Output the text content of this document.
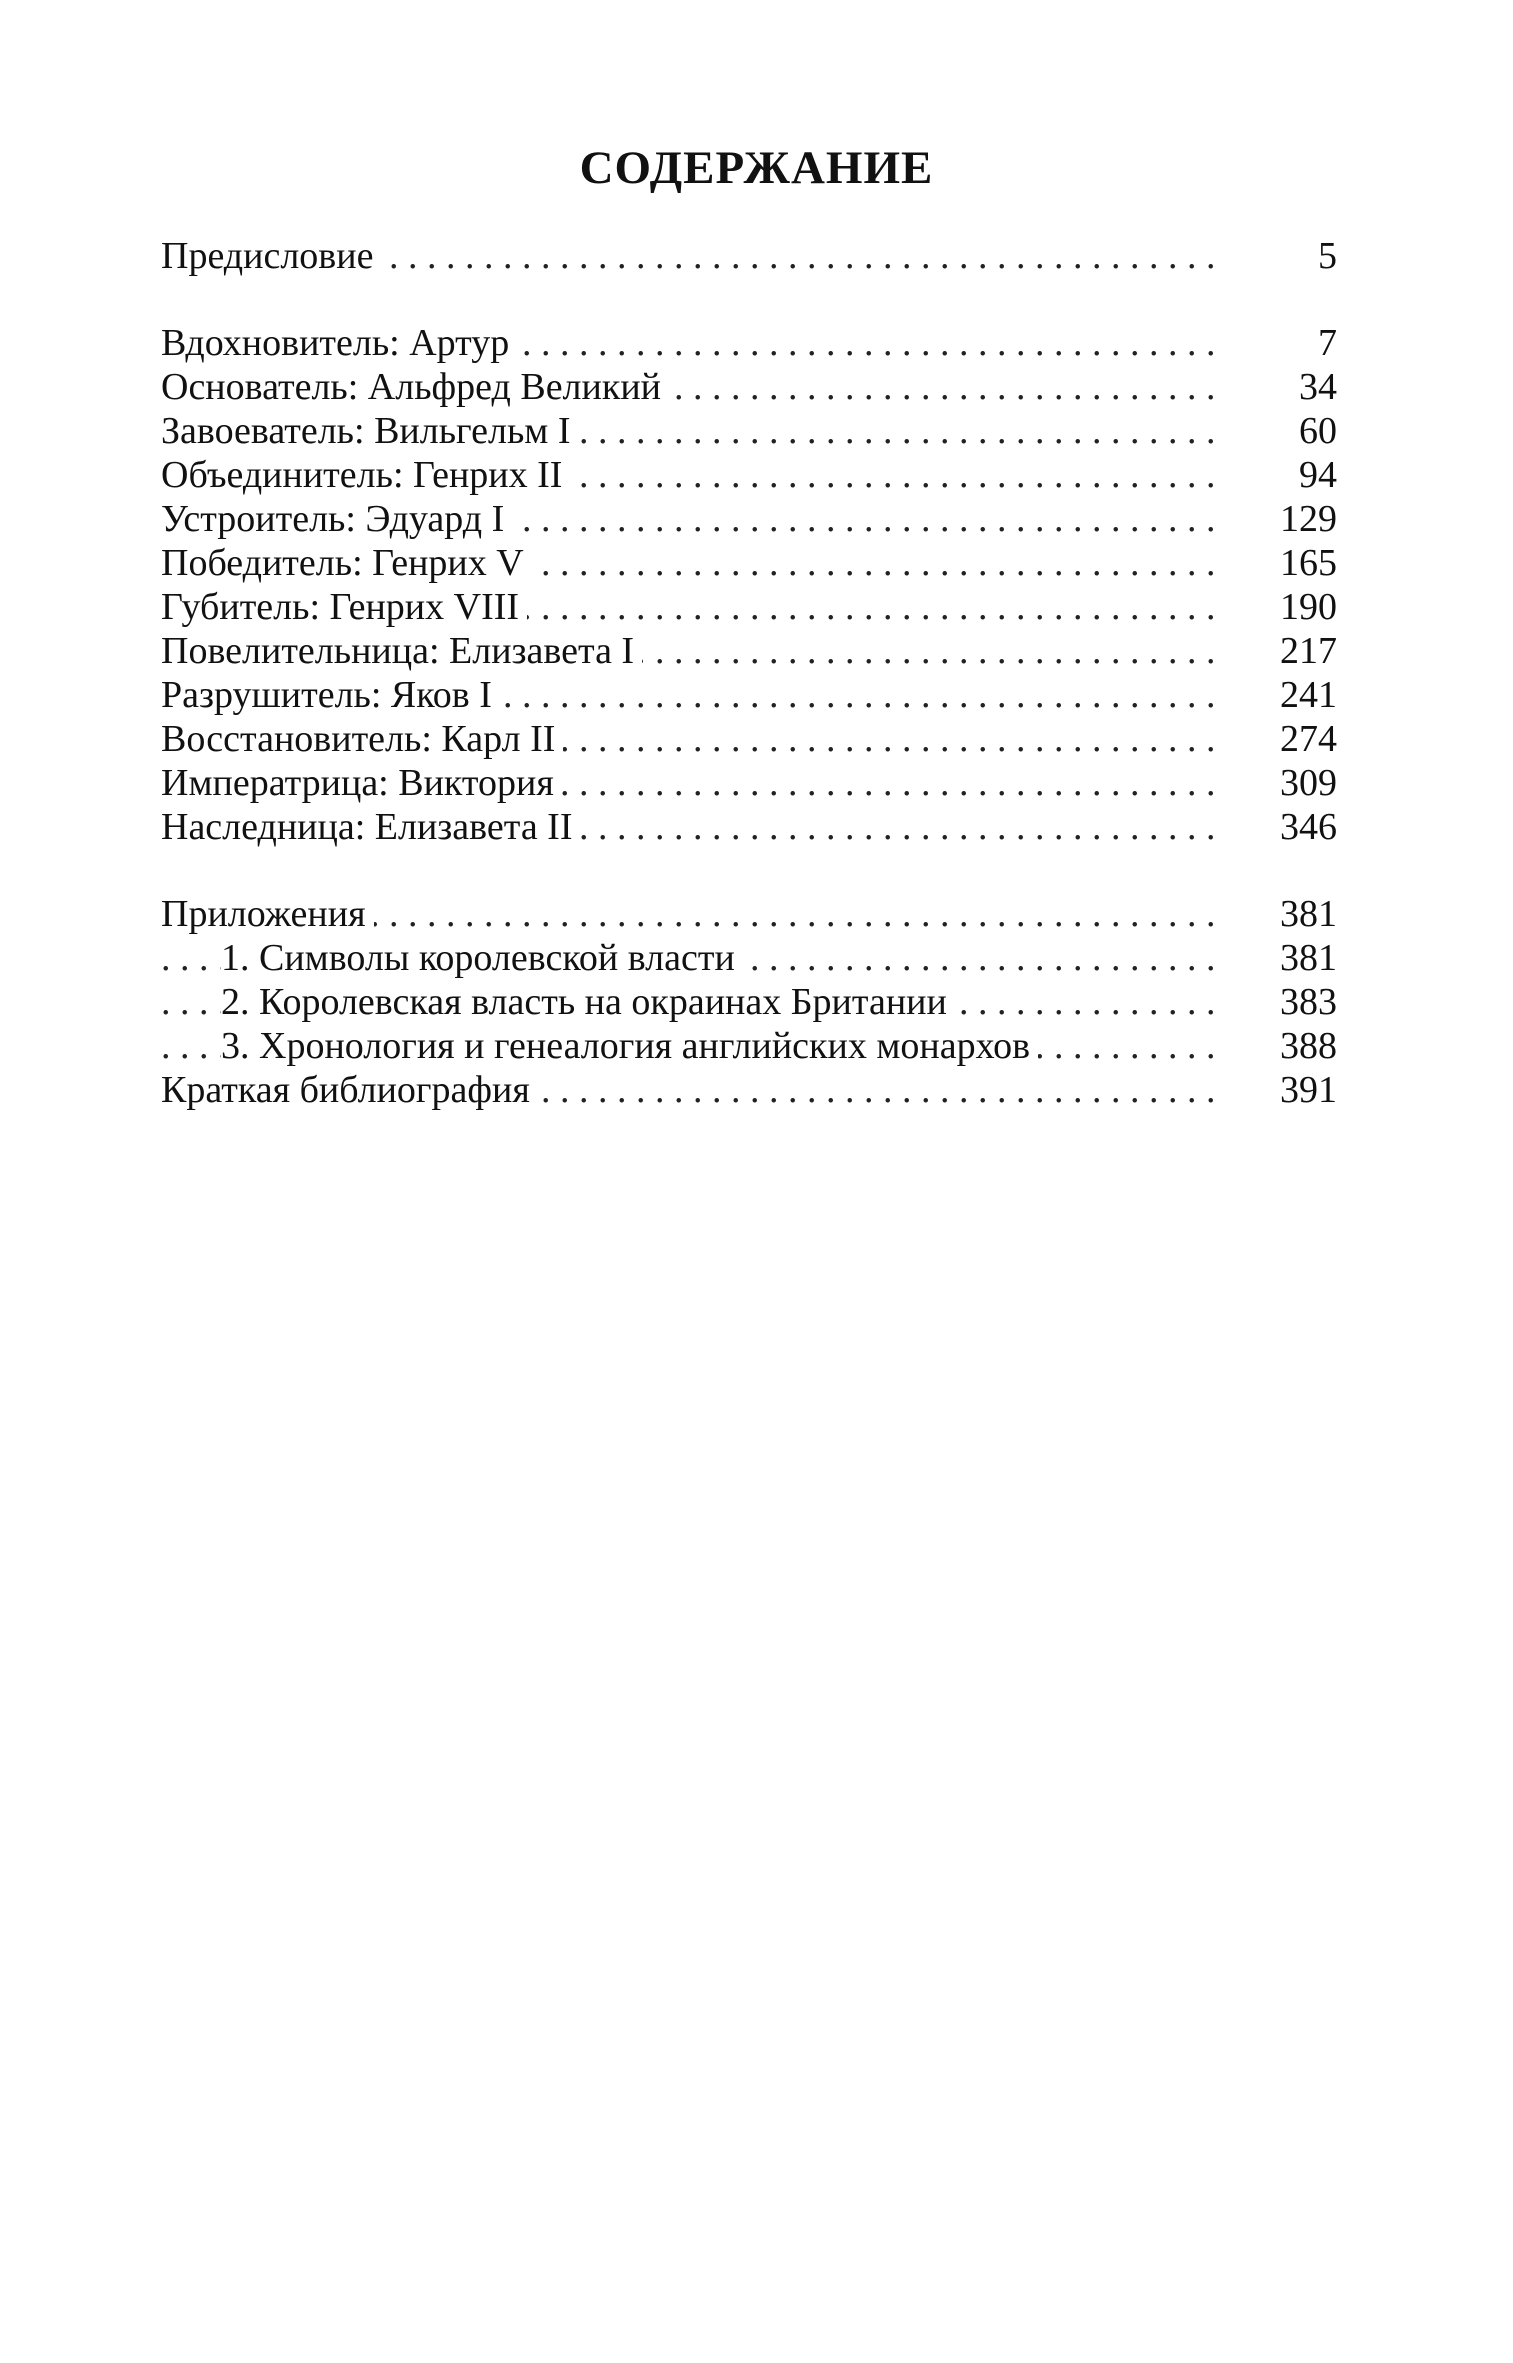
СОДЕРЖАНИЕ
. . .
Предисловие	5
. . .
Вдохновитель: Артур	7
. . .
Основатель: Альфред Великий	34
. . .
Завоеватель: Вильгельм I	60
. . .
Объединитель: Генрих II	94
. . .
Устроитель: Эдуард I	129
. . .
Победитель: Генрих V	165
. . .
Губитель: Генрих VIII	190
. . .
Повелительница: Елизавета I	217
. . .
Разрушитель: Яков I	241
. . .
Восстановитель: Карл II	274
. . .
Императрица: Виктория	309
. . .
Наследница: Елизавета II	346
. . .
Приложения	381
. . .
1. Символы королевской власти	381
. . .
2. Королевская власть на окраинах Британии	383
. . .
3. Хронология и генеалогия английских монархов	388
. . .
Краткая библиография	391
